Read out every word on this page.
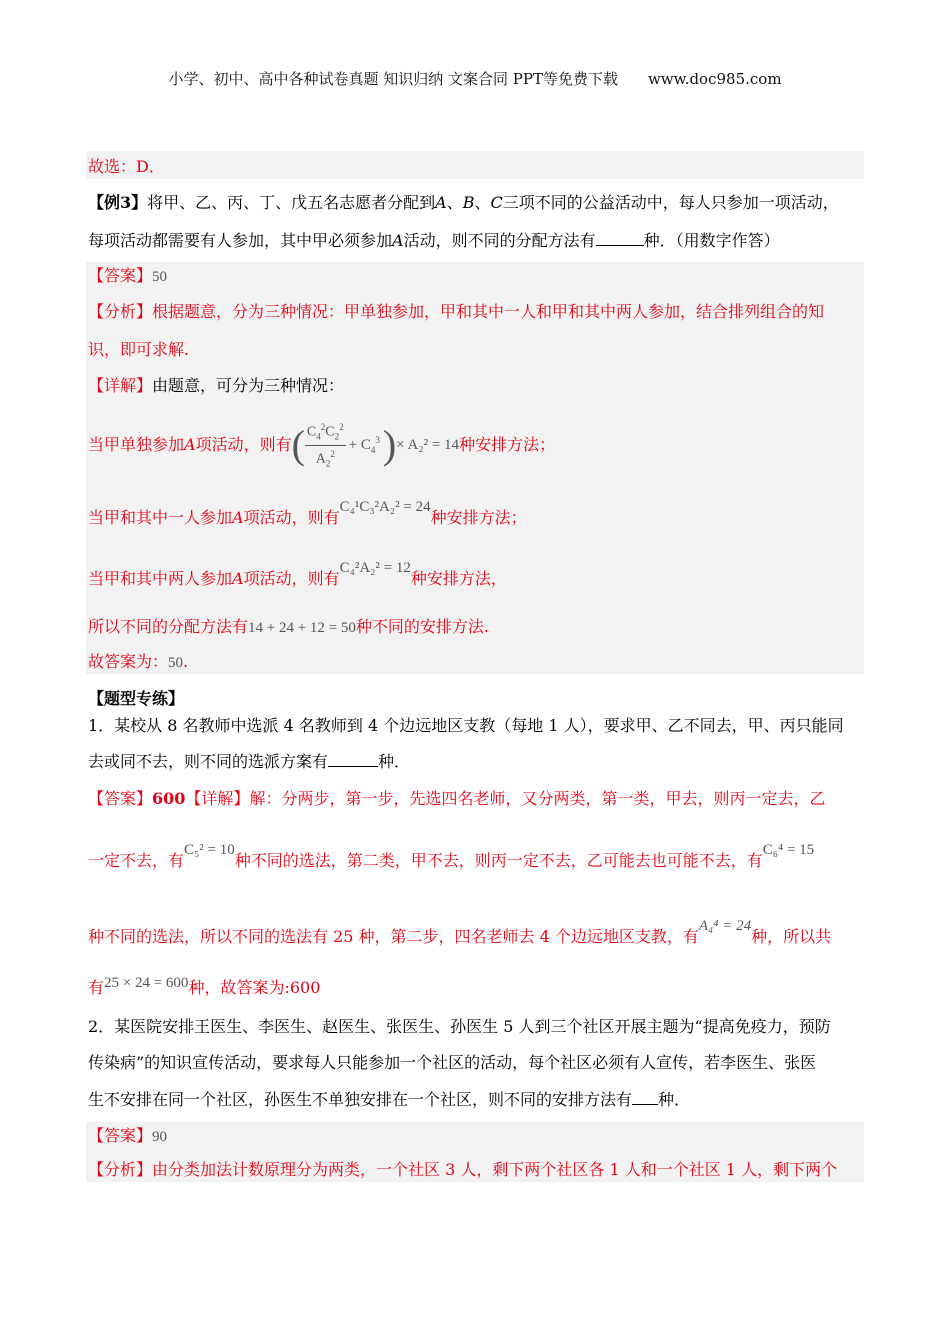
小学、初中、高中各种试卷真题 知识归纳 文案合同 PPT等免费下载　　www.doc985.com
故选：D．
【例3】将甲、乙、丙、丁、戊五名志愿者分配到A、B、C三项不同的公益活动中，每人只参加一项活动，
每项活动都需要有人参加，其中甲必须参加A活动，则不同的分配方法有	种．（用数字作答）
【答案】50
【分析】根据题意，分为三种情况：甲单独参加，甲和其中一人和甲和其中两人参加，结合排列组合的知
识，即可求解.
【详解】由题意，可分为三种情况：
当甲单独参加 A 项活动，则有 ( $\frac{C_4^2C_2^2}{A_2^2} + C_4^3$ ) × A₂² = 14 种安排方法；
当甲和其中一人参加A项活动，则有C₄¹C₃²A₂² = 24种安排方法；
当甲和其中两人参加A项活动，则有C₄²A₂² = 12种安排方法，
所以不同的分配方法有14 + 24 + 12 = 50种不同的安排方法.
故答案为：50.
【题型专练】
1．某校从 8 名教师中选派 4 名教师到 4 个边远地区支教（每地 1 人），要求甲、乙不同去，甲、丙只能同
去或同不去，则不同的选派方案有	种．
【答案】600【详解】解：分两步，第一步，先选四名老师，又分两类，第一类，甲去，则丙一定去，乙
一定不去，有C₅² = 10种不同的选法，第二类，甲不去，则丙一定不去，乙可能去也可能不去，有C₆⁴ = 15
种不同的选法，所以不同的选法有 25 种，第二步，四名老师去 4 个边远地区支教，有A₄⁴ = 24种，所以共
有25 × 24 = 600种，故答案为:600
2．某医院安排王医生、李医生、赵医生、张医生、孙医生 5 人到三个社区开展主题为“提高免疫力，预防
传染病”的知识宣传活动，要求每人只能参加一个社区的活动，每个社区必须有人宣传，若李医生、张医
生不安排在同一个社区，孙医生不单独安排在一个社区，则不同的安排方法有 种．
【答案】90
【分析】由分类加法计数原理分为两类，一个社区 3 人，剩下两个社区各 1 人和一个社区 1 人，剩下两个
